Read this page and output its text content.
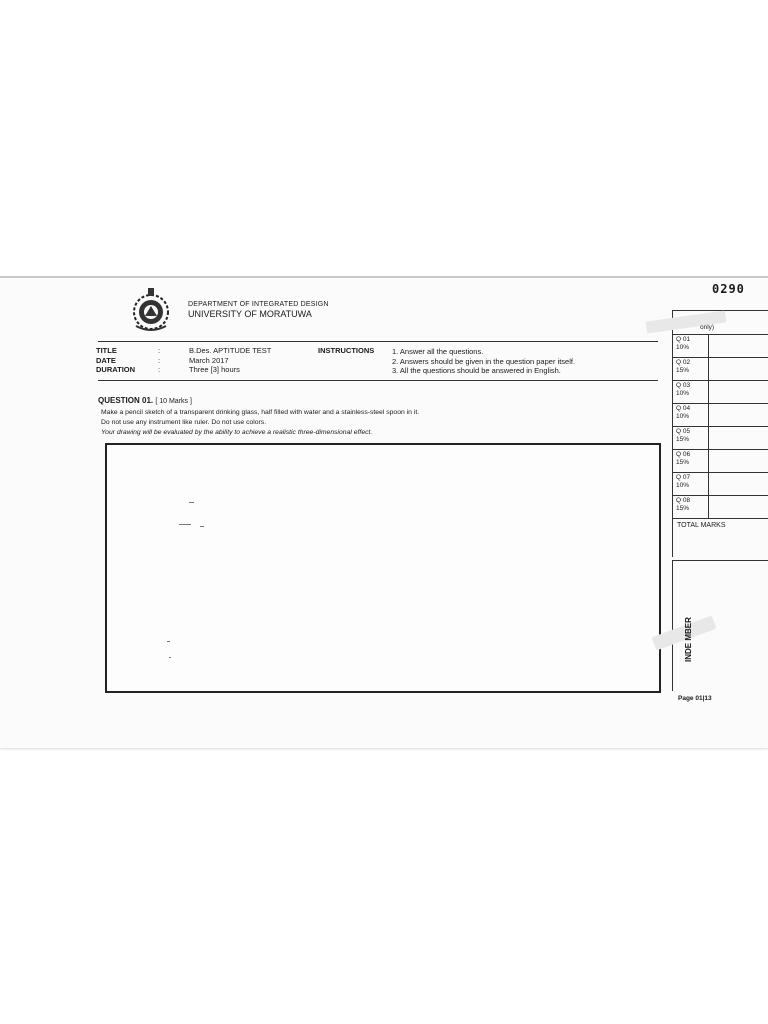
0290
DEPARTMENT OF INTEGRATED DESIGN
UNIVERSITY OF MORATUWA
TITLE
DATE
DURATION
:
:
:
B.Des. APTITUDE TEST
March 2017
Three [3] hours
INSTRUCTIONS 1. Answer all the questions.
2. Answers should be given in the question paper itself.
3. All the questions should be answered in English.
QUESTION 01. [ 10 Marks ]
Make a pencil sketch of a transparent drinking glass, half filled with water and a stainless-steel spoon in it.
Do not use any instrument like ruler. Do not use colors.
Your drawing will be evaluated by the ability to achieve a realistic three-dimensional effect.
only)
Q 01
10%
Q 02
15%
Q 03
10%
Q 04
10%
Q 05
15%
Q 06
15%
Q 07
10%
Q 08
15%
TOTAL MARKS
INDE MBER
Page 01|13
